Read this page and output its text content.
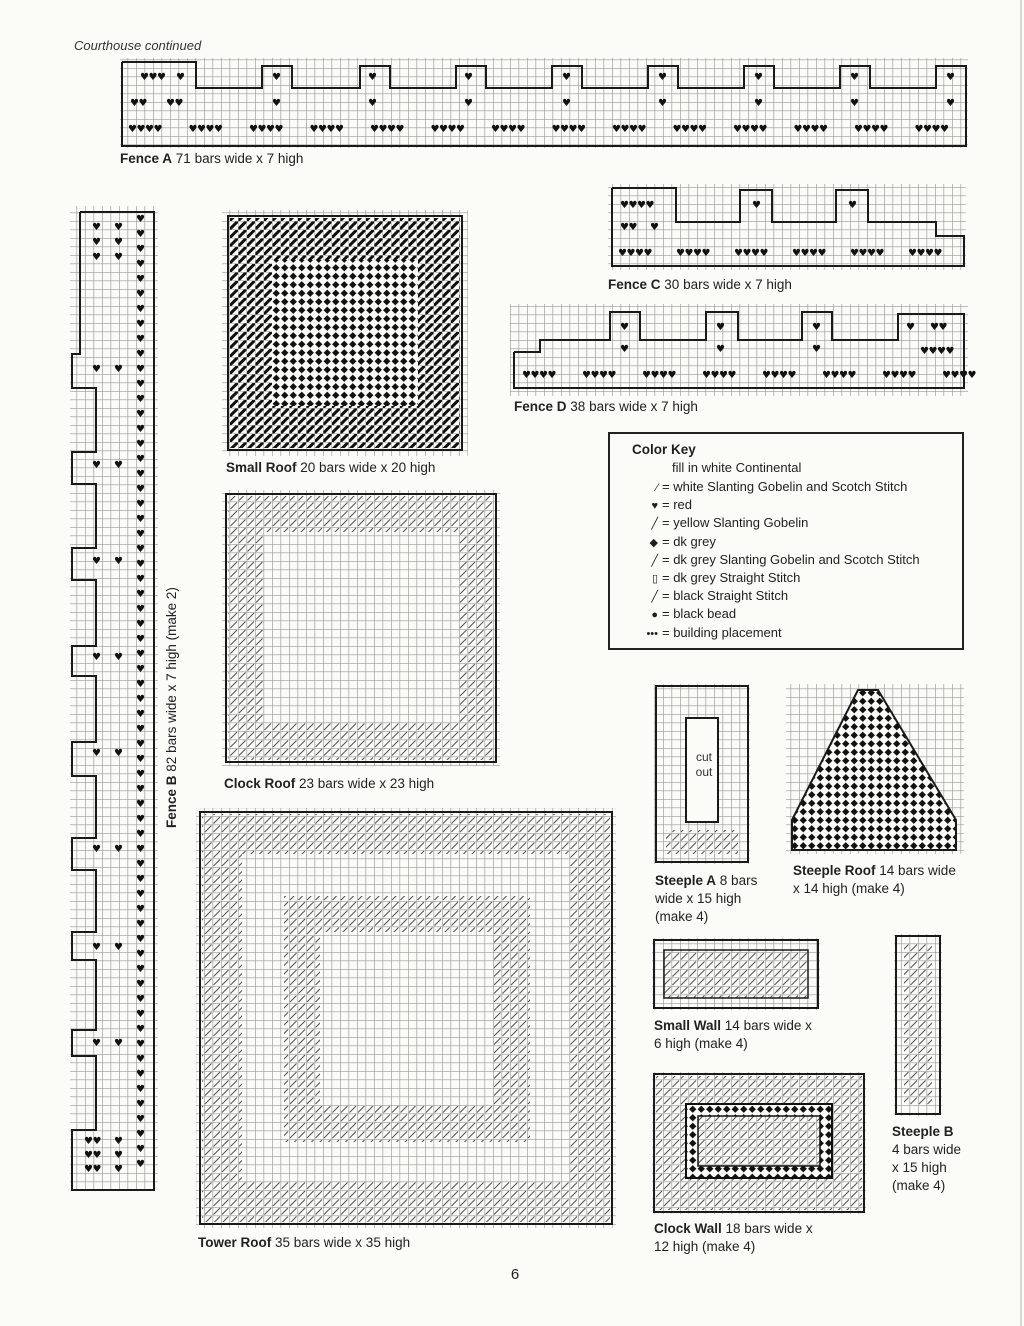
Courthouse continued
♥ ♥ ♥ ♥
♥ ♥ ♥ ♥
♥
♥
♥
♥
♥
♥
♥
♥
♥
♥
♥
♥
♥
♥
♥
♥
♥ ♥ ♥ ♥	♥ ♥ ♥ ♥	♥ ♥ ♥ ♥	♥ ♥ ♥ ♥	♥ ♥ ♥ ♥	♥ ♥ ♥ ♥	♥ ♥ ♥ ♥	♥ ♥ ♥ ♥	♥ ♥ ♥ ♥	♥ ♥ ♥ ♥	♥ ♥ ♥ ♥	♥ ♥ ♥ ♥	♥ ♥ ♥ ♥	♥ ♥ ♥ ♥
♥ ♥ ♥ ♥
♥ ♥ ♥
♥	♥
♥ ♥ ♥ ♥ ♥ ♥ ♥ ♥ ♥ ♥ ♥ ♥ ♥ ♥ ♥ ♥ ♥ ♥ ♥ ♥ ♥ ♥ ♥ ♥
♥
♥
♥
♥
♥
♥
♥ ♥ ♥
♥ ♥ ♥ ♥
♥ ♥ ♥ ♥	♥ ♥ ♥ ♥	♥ ♥ ♥ ♥	♥ ♥ ♥ ♥	♥ ♥ ♥ ♥	♥ ♥ ♥ ♥	♥ ♥ ♥ ♥	♥ ♥ ♥ ♥
♥
♥
♥
♥
♥
♥
♥
♥
♥
♥
♥
♥
♥
♥
♥
♥
♥
♥
♥
♥
♥
♥
♥
♥
♥
♥
♥
♥
♥
♥
♥
♥
♥
♥
♥
♥
♥
♥
♥
♥
♥
♥
♥
♥
♥
♥
♥
♥
♥
♥
♥
♥
♥
♥
♥
♥
♥
♥
♥
♥
♥
♥
♥
♥
♥ ♥
♥ ♥
♥ ♥
♥ ♥
♥ ♥
♥ ♥
♥ ♥
♥ ♥
♥ ♥
♥ ♥
♥ ♥
♥ ♥ ♥
♥ ♥ ♥
♥ ♥ ♥
Fence A 71 bars wide x 7 high
Fence C 30 bars wide x 7 high
Fence D 38 bars wide x 7 high
Small Roof 20 bars wide x 20 high
Clock Roof 23 bars wide x 23 high
Tower Roof 35 bars wide x 35 high
Fence B 82 bars wide x 7 high (make 2)
Steeple A 8 bars
wide x 15 high
(make 4)
cut
out
Steeple Roof 14 bars wide
x 14 high (make 4)
Small Wall 14 bars wide x
6 high (make 4)
Steeple B
4 bars wide
x 15 high
(make 4)
Clock Wall 18 bars wide x
12 high (make 4)
Color Key
fill in white Continental
⁄ = white Slanting Gobelin and Scotch Stitch
♥ = red
╱ = yellow Slanting Gobelin
◆ = dk grey
╱ = dk grey Slanting Gobelin and Scotch Stitch
▯ = dk grey Straight Stitch
╱ = black Straight Stitch
● = black bead
••• = building placement
6
